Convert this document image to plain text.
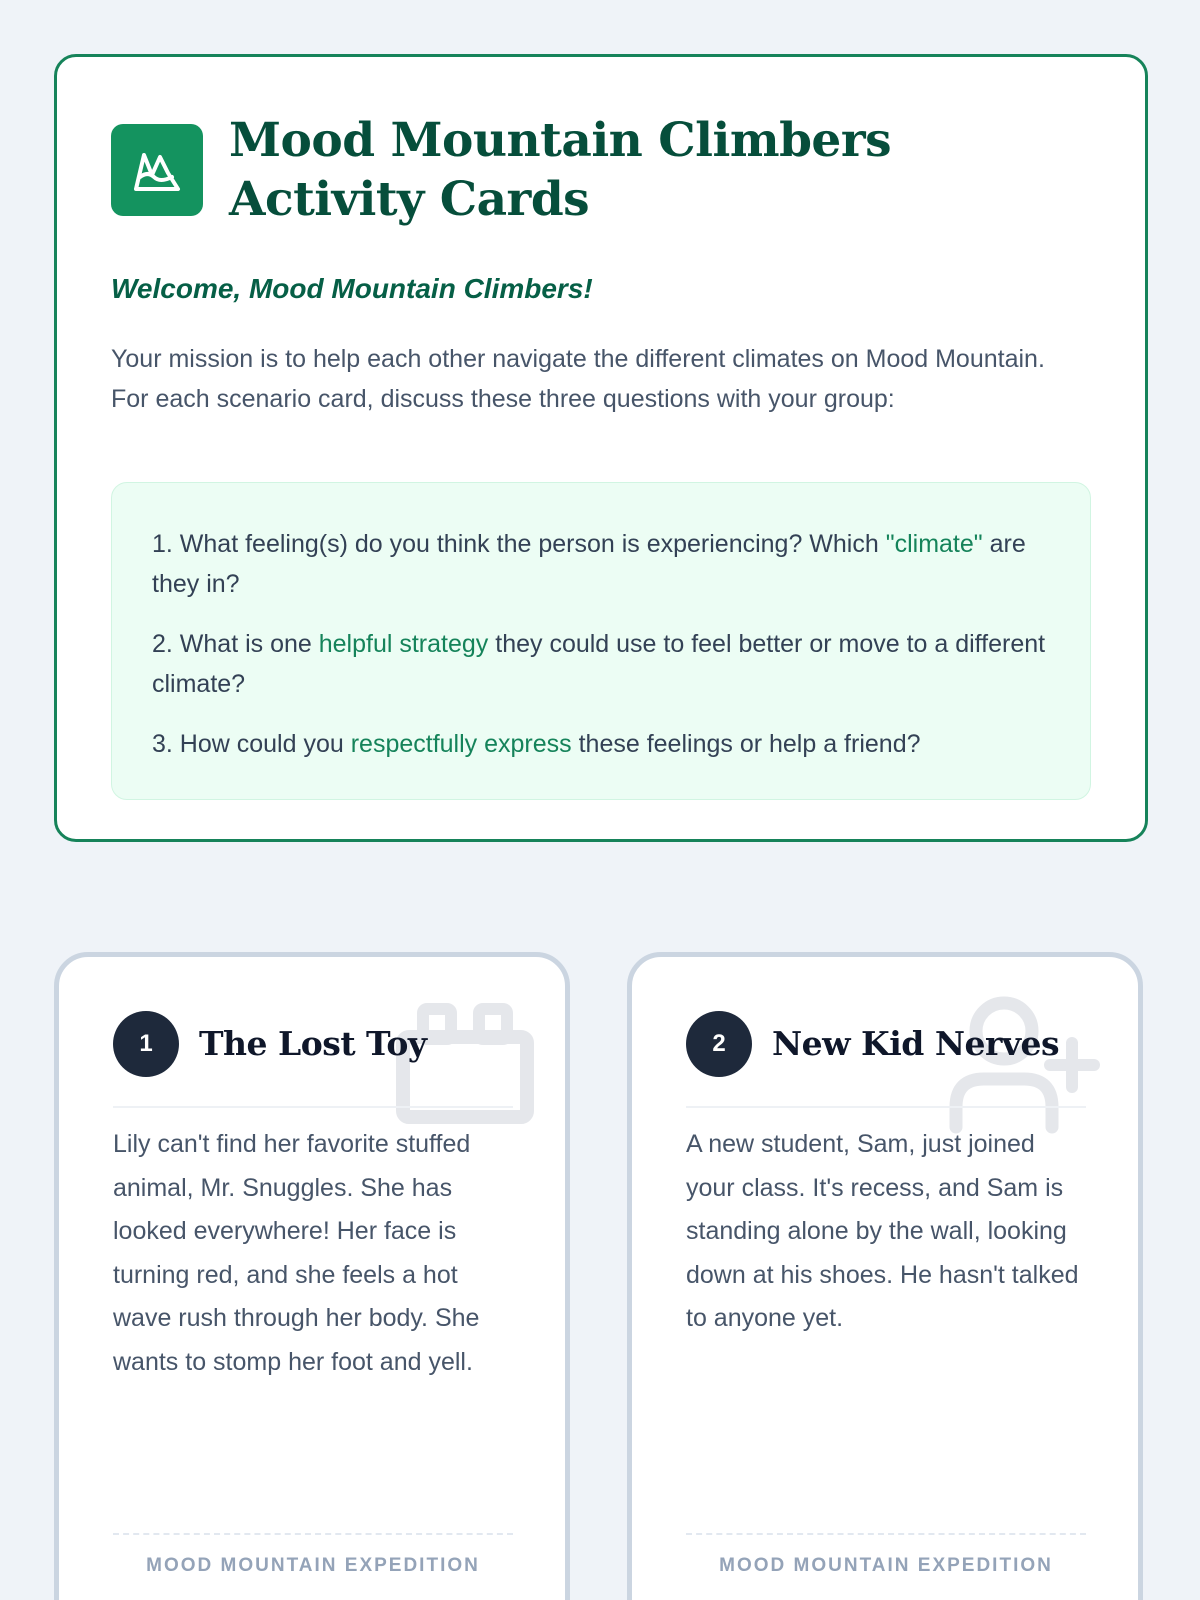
Mood Mountain Climbers Activity Cards

Welcome, Mood Mountain Climbers!

Your mission is to help each other navigate the different climates on Mood Mountain. For each scenario card, discuss these three questions with your group:

1. What feeling(s) do you think the person is experiencing? Which "climate" are they in?

2. What is one helpful strategy they could use to feel better or move to a different climate?

3. How could you respectfully express these feelings or help a friend?

1	The Lost Toy

Lily can't find her favorite stuffed animal, Mr. Snuggles. She has looked everywhere! Her face is turning red, and she feels a hot wave rush through her body. She wants to stomp her foot and yell.

MOOD MOUNTAIN EXPEDITION
2	New Kid Nerves

A new student, Sam, just joined your class. It's recess, and Sam is standing alone by the wall, looking down at his shoes. He hasn't talked to anyone yet.

MOOD MOUNTAIN EXPEDITION
